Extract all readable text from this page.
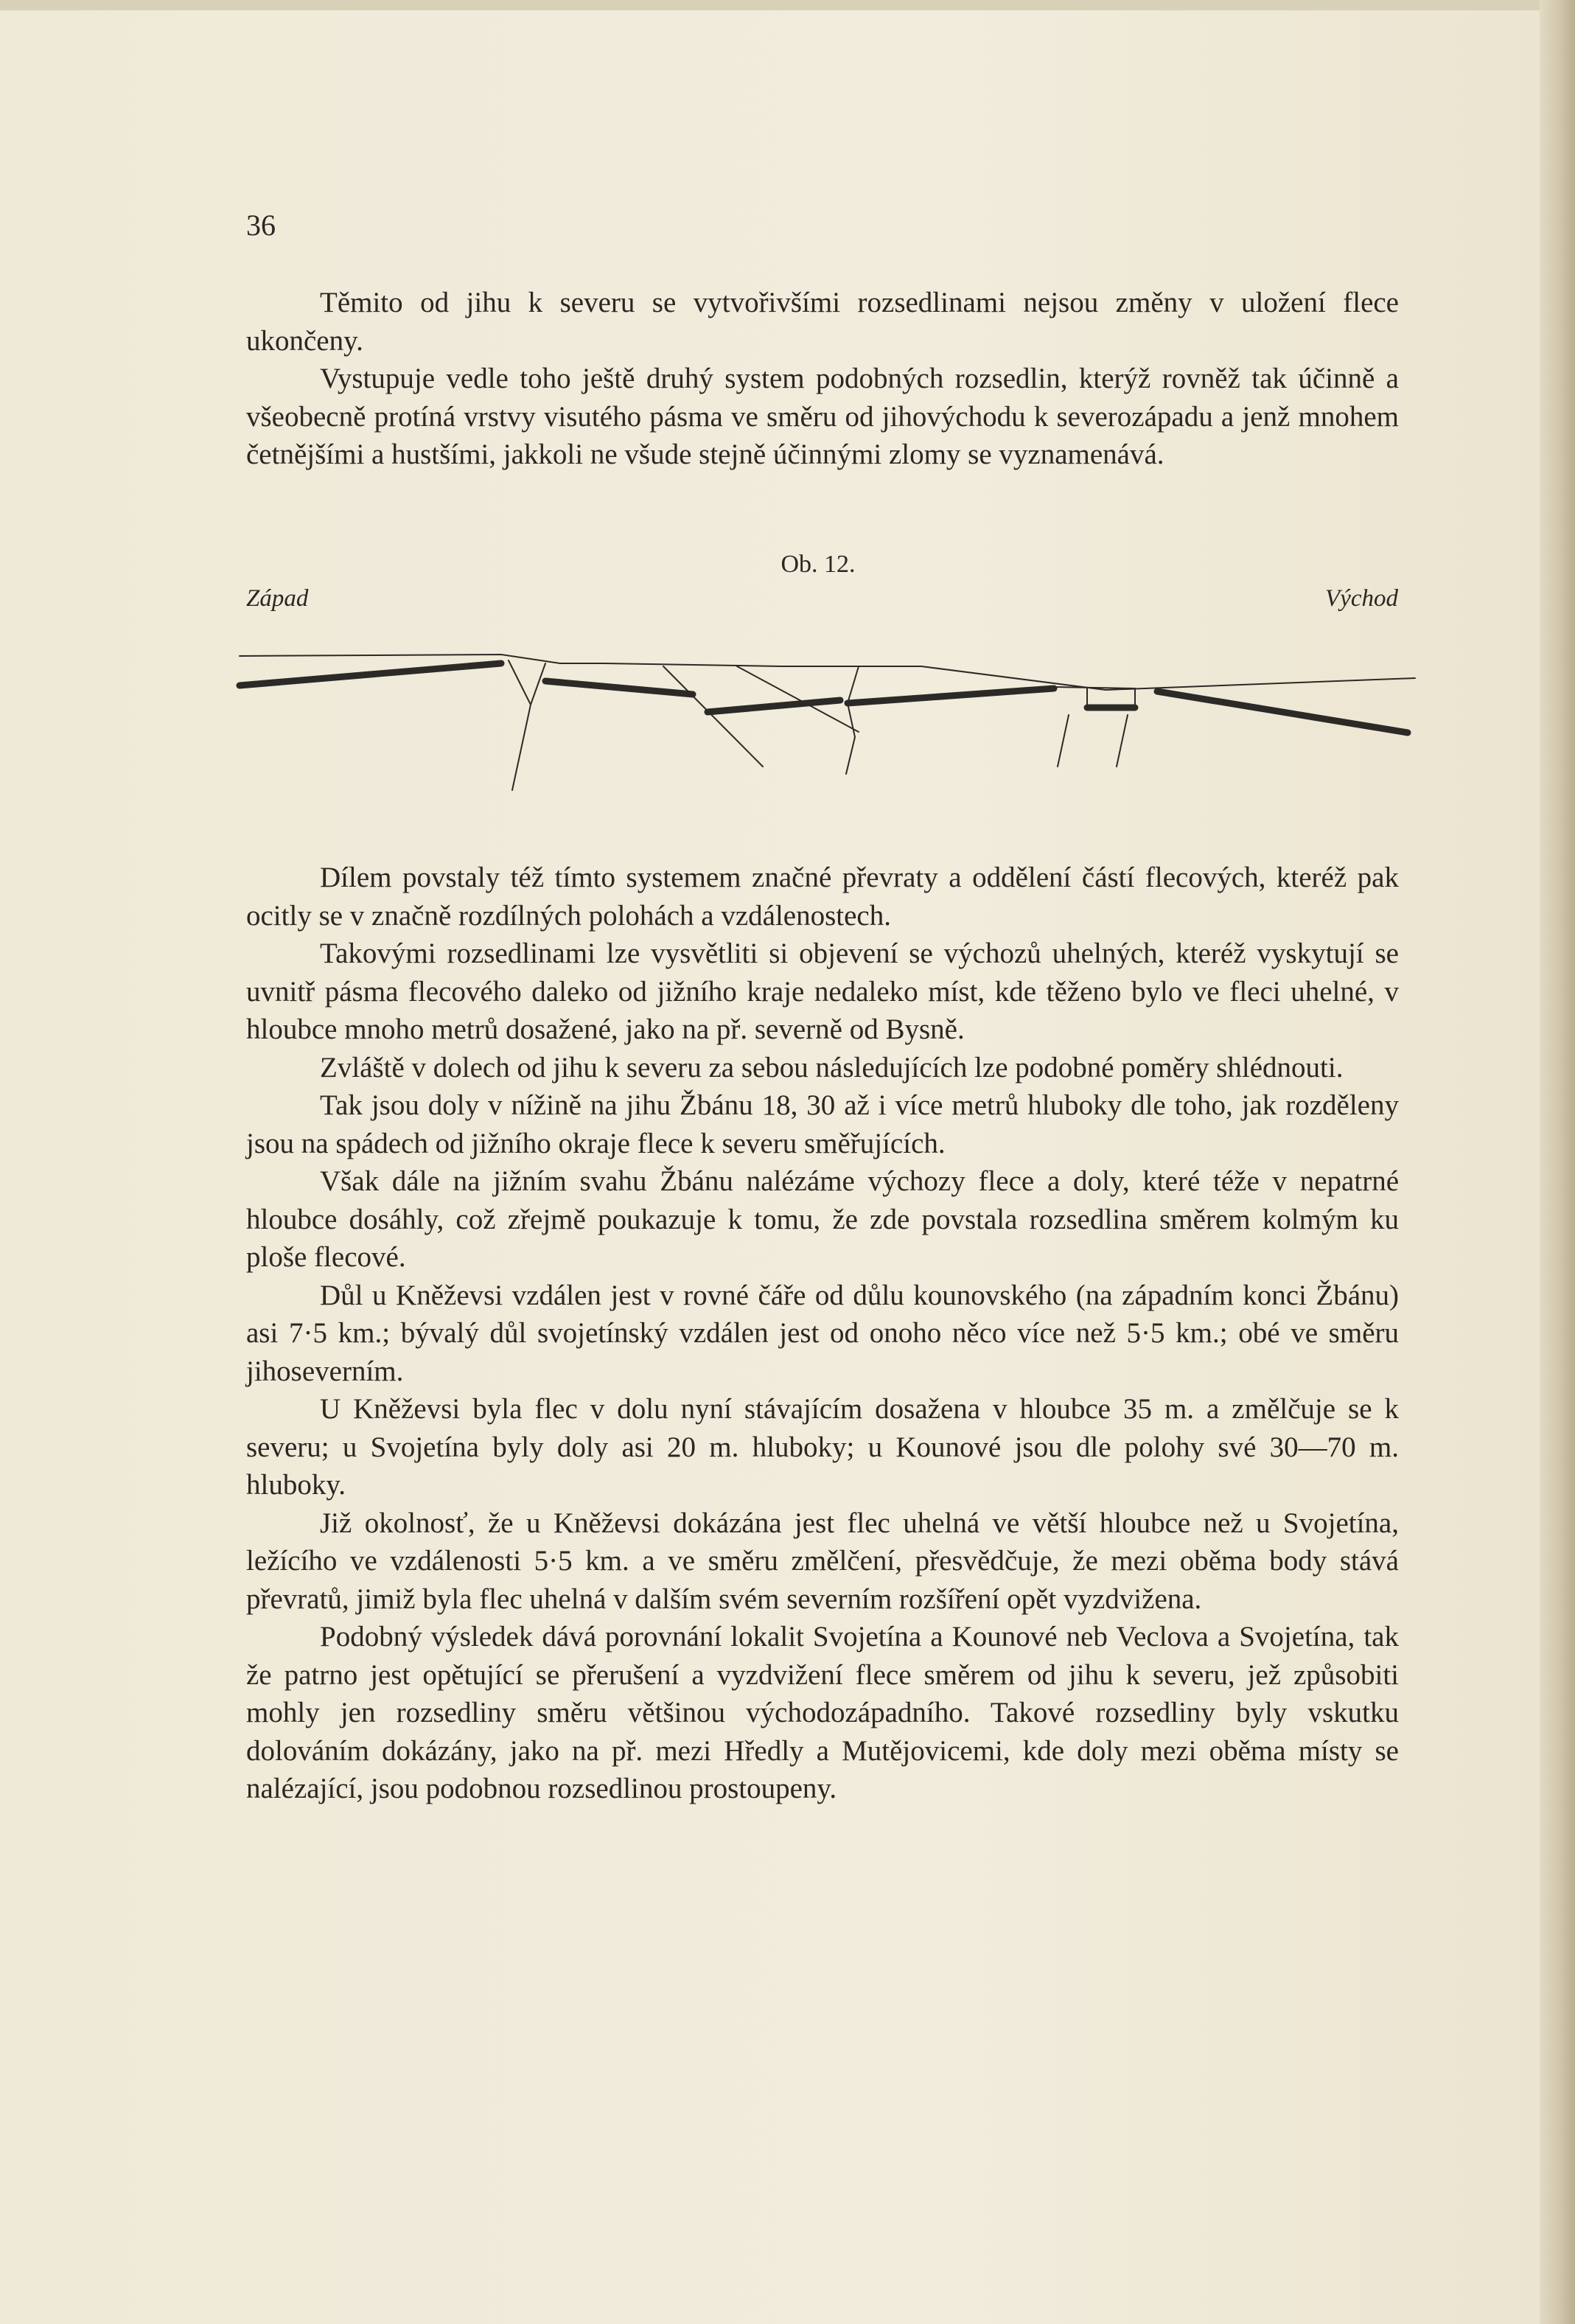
36

Těmito od jihu k severu se vytvořivšími rozsedlinami nejsou změny v uložení flece ukončeny.

Vystupuje vedle toho ještě druhý system podobných rozsedlin, kterýž rovněž tak účinně a všeobecně protíná vrstvy visutého pásma ve směru od jihovýchodu k severozápadu a jenž mnohem četnějšími a hustšími, jakkoli ne všude stejně účinnými zlomy se vyznamenává.

Ob. 12.
Západ	Východ

Dílem povstaly též tímto systemem značné převraty a oddělení částí flecových, kteréž pak ocitly se v značně rozdílných polohách a vzdálenostech.

Takovými rozsedlinami lze vysvětliti si objevení se výchozů uhelných, kteréž vyskytují se uvnitř pásma flecového daleko od jižního kraje nedaleko míst, kde těženo bylo ve fleci uhelné, v hloubce mnoho metrů dosažené, jako na př. severně od Bysně.

Zvláště v dolech od jihu k severu za sebou následujících lze podobné poměry shlédnouti.

Tak jsou doly v nížině na jihu Žbánu 18, 30 až i více metrů hluboky dle toho, jak rozděleny jsou na spádech od jižního okraje flece k severu směřujících.

Však dále na jižním svahu Žbánu nalézáme výchozy flece a doly, které téže v nepatrné hloubce dosáhly, což zřejmě poukazuje k tomu, že zde povstala rozsedlina směrem kolmým ku ploše flecové.

Důl u Kněževsi vzdálen jest v rovné čáře od důlu kounovského (na západním konci Žbánu) asi 7·5 km.; bývalý důl svojetínský vzdálen jest od onoho něco více než 5·5 km.; obé ve směru jihoseverním.

U Kněževsi byla flec v dolu nyní stávajícím dosažena v hloubce 35 m. a změlčuje se k severu; u Svojetína byly doly asi 20 m. hluboky; u Kounové jsou dle polohy své 30—70 m. hluboky.

Již okolnosť, že u Kněževsi dokázána jest flec uhelná ve větší hloubce než u Svojetína, ležícího ve vzdálenosti 5·5 km. a ve směru změlčení, přesvědčuje, že mezi oběma body stává převratů, jimiž byla flec uhelná v dalším svém severním rozšíření opět vyzdvižena.

Podobný výsledek dává porovnání lokalit Svojetína a Kounové neb Veclova a Svojetína, tak že patrno jest opětující se přerušení a vyzdvižení flece směrem od jihu k severu, jež způsobiti mohly jen rozsedliny směru většinou východozápadního. Takové rozsedliny byly vskutku dolováním dokázány, jako na př. mezi Hředly a Mutějovicemi, kde doly mezi oběma místy se nalézající, jsou podobnou rozsedlinou prostoupeny.
